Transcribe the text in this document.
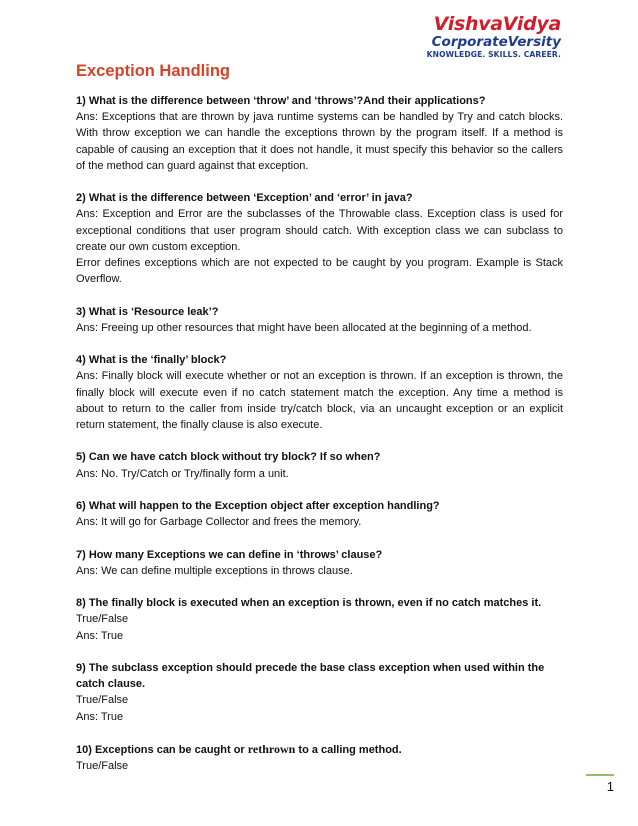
VishvaVidya
CorporateVersity
KNOWLEDGE. SKILLS. CAREER.
Exception Handling

1) What is the difference between ‘throw’ and ‘throws’?And their applications?

Ans: Exceptions that are thrown by java runtime systems can be handled by Try and catch blocks. With throw exception we can handle the exceptions thrown by the program itself. If a method is capable of causing an exception that it does not handle, it must specify this behavior so the callers of the method can guard against that exception.

2) What is the difference between ‘Exception’ and ‘error’ in java?

Ans: Exception and Error are the subclasses of the Throwable class. Exception class is used for exceptional conditions that user program should catch. With exception class we can subclass to create our own custom exception.

Error defines exceptions which are not expected to be caught by you program. Example is Stack Overflow.

3) What is ‘Resource leak’?

Ans: Freeing up other resources that might have been allocated at the beginning of a method.

4) What is the ‘finally’ block?

Ans: Finally block will execute whether or not an exception is thrown. If an exception is thrown, the finally block will execute even if no catch statement match the exception. Any time a method is about to return to the caller from inside try/catch block, via an uncaught exception or an explicit return statement, the finally clause is also execute.

5) Can we have catch block without try block? If so when?

Ans: No. Try/Catch or Try/finally form a unit.

6) What will happen to the Exception object after exception handling?

Ans: It will go for Garbage Collector and frees the memory.

7) How many Exceptions we can define in ‘throws’ clause?

Ans: We can define multiple exceptions in throws clause.

8) The finally block is executed when an exception is thrown, even if no catch matches it.

True/False

Ans: True

9) The subclass exception should precede the base class exception when used within the catch clause.

True/False

Ans: True

10) Exceptions can be caught or rethrown to a calling method.

True/False

1
